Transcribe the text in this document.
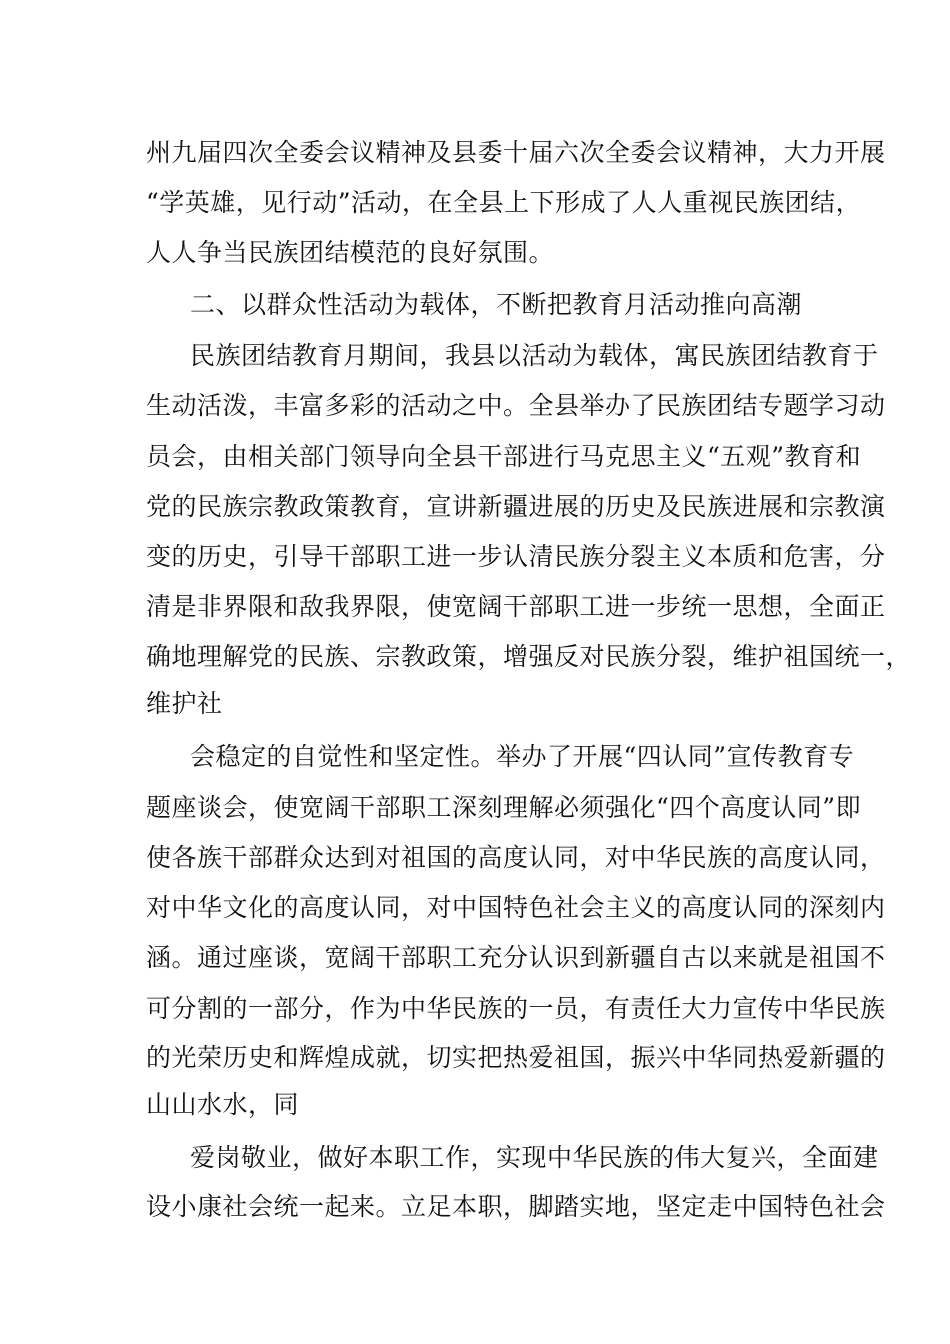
州九届四次全委会议精神及县委十届六次全委会议精神，大力开展

“学英雄，见行动”活动，在全县上下形成了人人重视民族团结，

人人争当民族团结模范的良好氛围。

二、以群众性活动为载体，不断把教育月活动推向高潮

民族团结教育月期间，我县以活动为载体，寓民族团结教育于

生动活泼，丰富多彩的活动之中。全县举办了民族团结专题学习动

员会，由相关部门领导向全县干部进行马克思主义“五观”教育和

党的民族宗教政策教育，宣讲新疆进展的历史及民族进展和宗教演

变的历史，引导干部职工进一步认清民族分裂主义本质和危害，分

清是非界限和敌我界限，使宽阔干部职工进一步统一思想，全面正

确地理解党的民族、宗教政策，增强反对民族分裂，维护祖国统一，

维护社

会稳定的自觉性和坚定性。举办了开展“四认同”宣传教育专

题座谈会，使宽阔干部职工深刻理解必须强化“四个高度认同”即

使各族干部群众达到对祖国的高度认同，对中华民族的高度认同，

对中华文化的高度认同，对中国特色社会主义的高度认同的深刻内

涵。通过座谈，宽阔干部职工充分认识到新疆自古以来就是祖国不

可分割的一部分，作为中华民族的一员，有责任大力宣传中华民族

的光荣历史和辉煌成就，切实把热爱祖国，振兴中华同热爱新疆的

山山水水，同

爱岗敬业，做好本职工作，实现中华民族的伟大复兴，全面建

设小康社会统一起来。立足本职，脚踏实地，坚定走中国特色社会
